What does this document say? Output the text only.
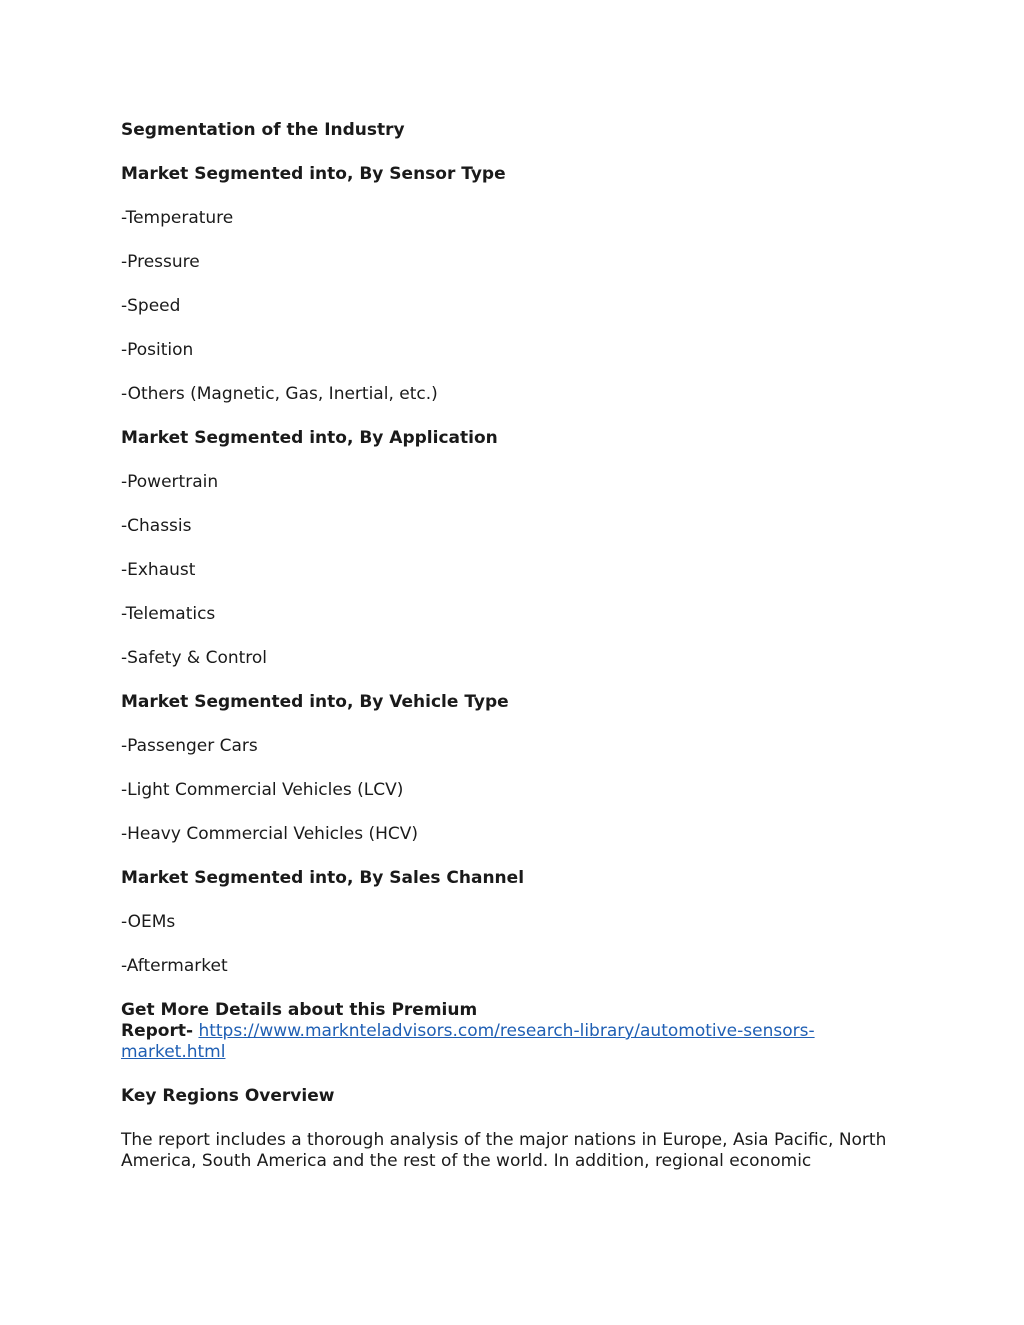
Segmentation of the Industry

Market Segmented into, By Sensor Type

-Temperature

-Pressure

-Speed

-Position

-Others (Magnetic, Gas, Inertial, etc.)

Market Segmented into, By Application

-Powertrain

-Chassis

-Exhaust

-Telematics

-Safety & Control

Market Segmented into, By Vehicle Type

-Passenger Cars

-Light Commercial Vehicles (LCV)

-Heavy Commercial Vehicles (HCV)

Market Segmented into, By Sales Channel

-OEMs

-Aftermarket

Get More Details about this Premium

Report- https://www.marknteladvisors.com/research-library/automotive-sensors-

market.html

Key Regions Overview

The report includes a thorough analysis of the major nations in Europe, Asia Pacific, North

America, South America and the rest of the world. In addition, regional economic
